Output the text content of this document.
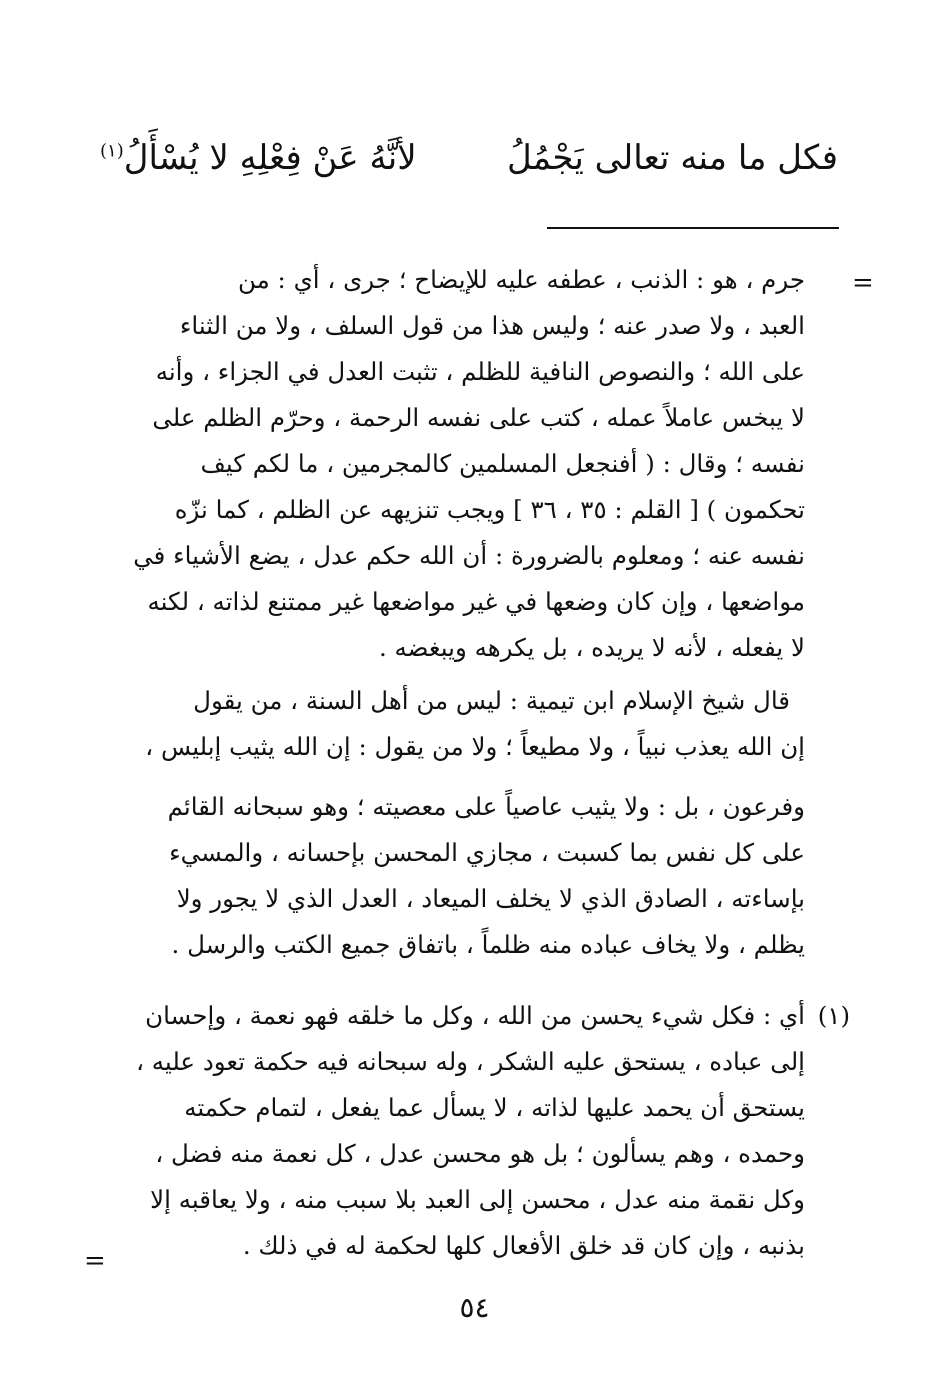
فكل ما منه تعالى يَجْمُلُ
لأنَّهُ عَنْ فِعْلِهِ لا يُسْأَلُ$^{(١)}$
=
جرم ، هو : الذنب ، عطفه عليه للإيضاح ؛ جرى ، أي : من
العبد ، ولا صدر عنه ؛ وليس هذا من قول السلف ، ولا من الثناء
على الله ؛ والنصوص النافية للظلم ، تثبت العدل في الجزاء ، وأنه
لا يبخس عاملاً عمله ، كتب على نفسه الرحمة ، وحرّم الظلم على
نفسه ؛ وقال : ( أفنجعل المسلمين كالمجرمين ، ما لكم كيف
تحكمون ) [ القلم : ٣٥ ، ٣٦ ] ويجب تنزيهه عن الظلم ، كما نزّه
نفسه عنه ؛ ومعلوم بالضرورة : أن الله حكم عدل ، يضع الأشياء في
مواضعها ، وإن كان وضعها في غير مواضعها غير ممتنع لذاته ، لكنه
لا يفعله ، لأنه لا يريده ، بل يكرهه ويبغضه .
قال شيخ الإسلام ابن تيمية : ليس من أهل السنة ، من يقول
إن الله يعذب نبياً ، ولا مطيعاً ؛ ولا من يقول : إن الله يثيب إبليس ،
وفرعون ، بل : ولا يثيب عاصياً على معصيته ؛ وهو سبحانه القائم
على كل نفس بما كسبت ، مجازي المحسن بإحسانه ، والمسيء
بإساءته ، الصادق الذي لا يخلف الميعاد ، العدل الذي لا يجور ولا
يظلم ، ولا يخاف عباده منه ظلماً ، باتفاق جميع الكتب والرسل .
(١)
أي : فكل شيء يحسن من الله ، وكل ما خلقه فهو نعمة ، وإحسان
إلى عباده ، يستحق عليه الشكر ، وله سبحانه فيه حكمة تعود عليه ،
يستحق أن يحمد عليها لذاته ، لا يسأل عما يفعل ، لتمام حكمته
وحمده ، وهم يسألون ؛ بل هو محسن عدل ، كل نعمة منه فضل ،
وكل نقمة منه عدل ، محسن إلى العبد بلا سبب منه ، ولا يعاقبه إلا
بذنبه ، وإن كان قد خلق الأفعال كلها لحكمة له في ذلك .
=
٥٤
